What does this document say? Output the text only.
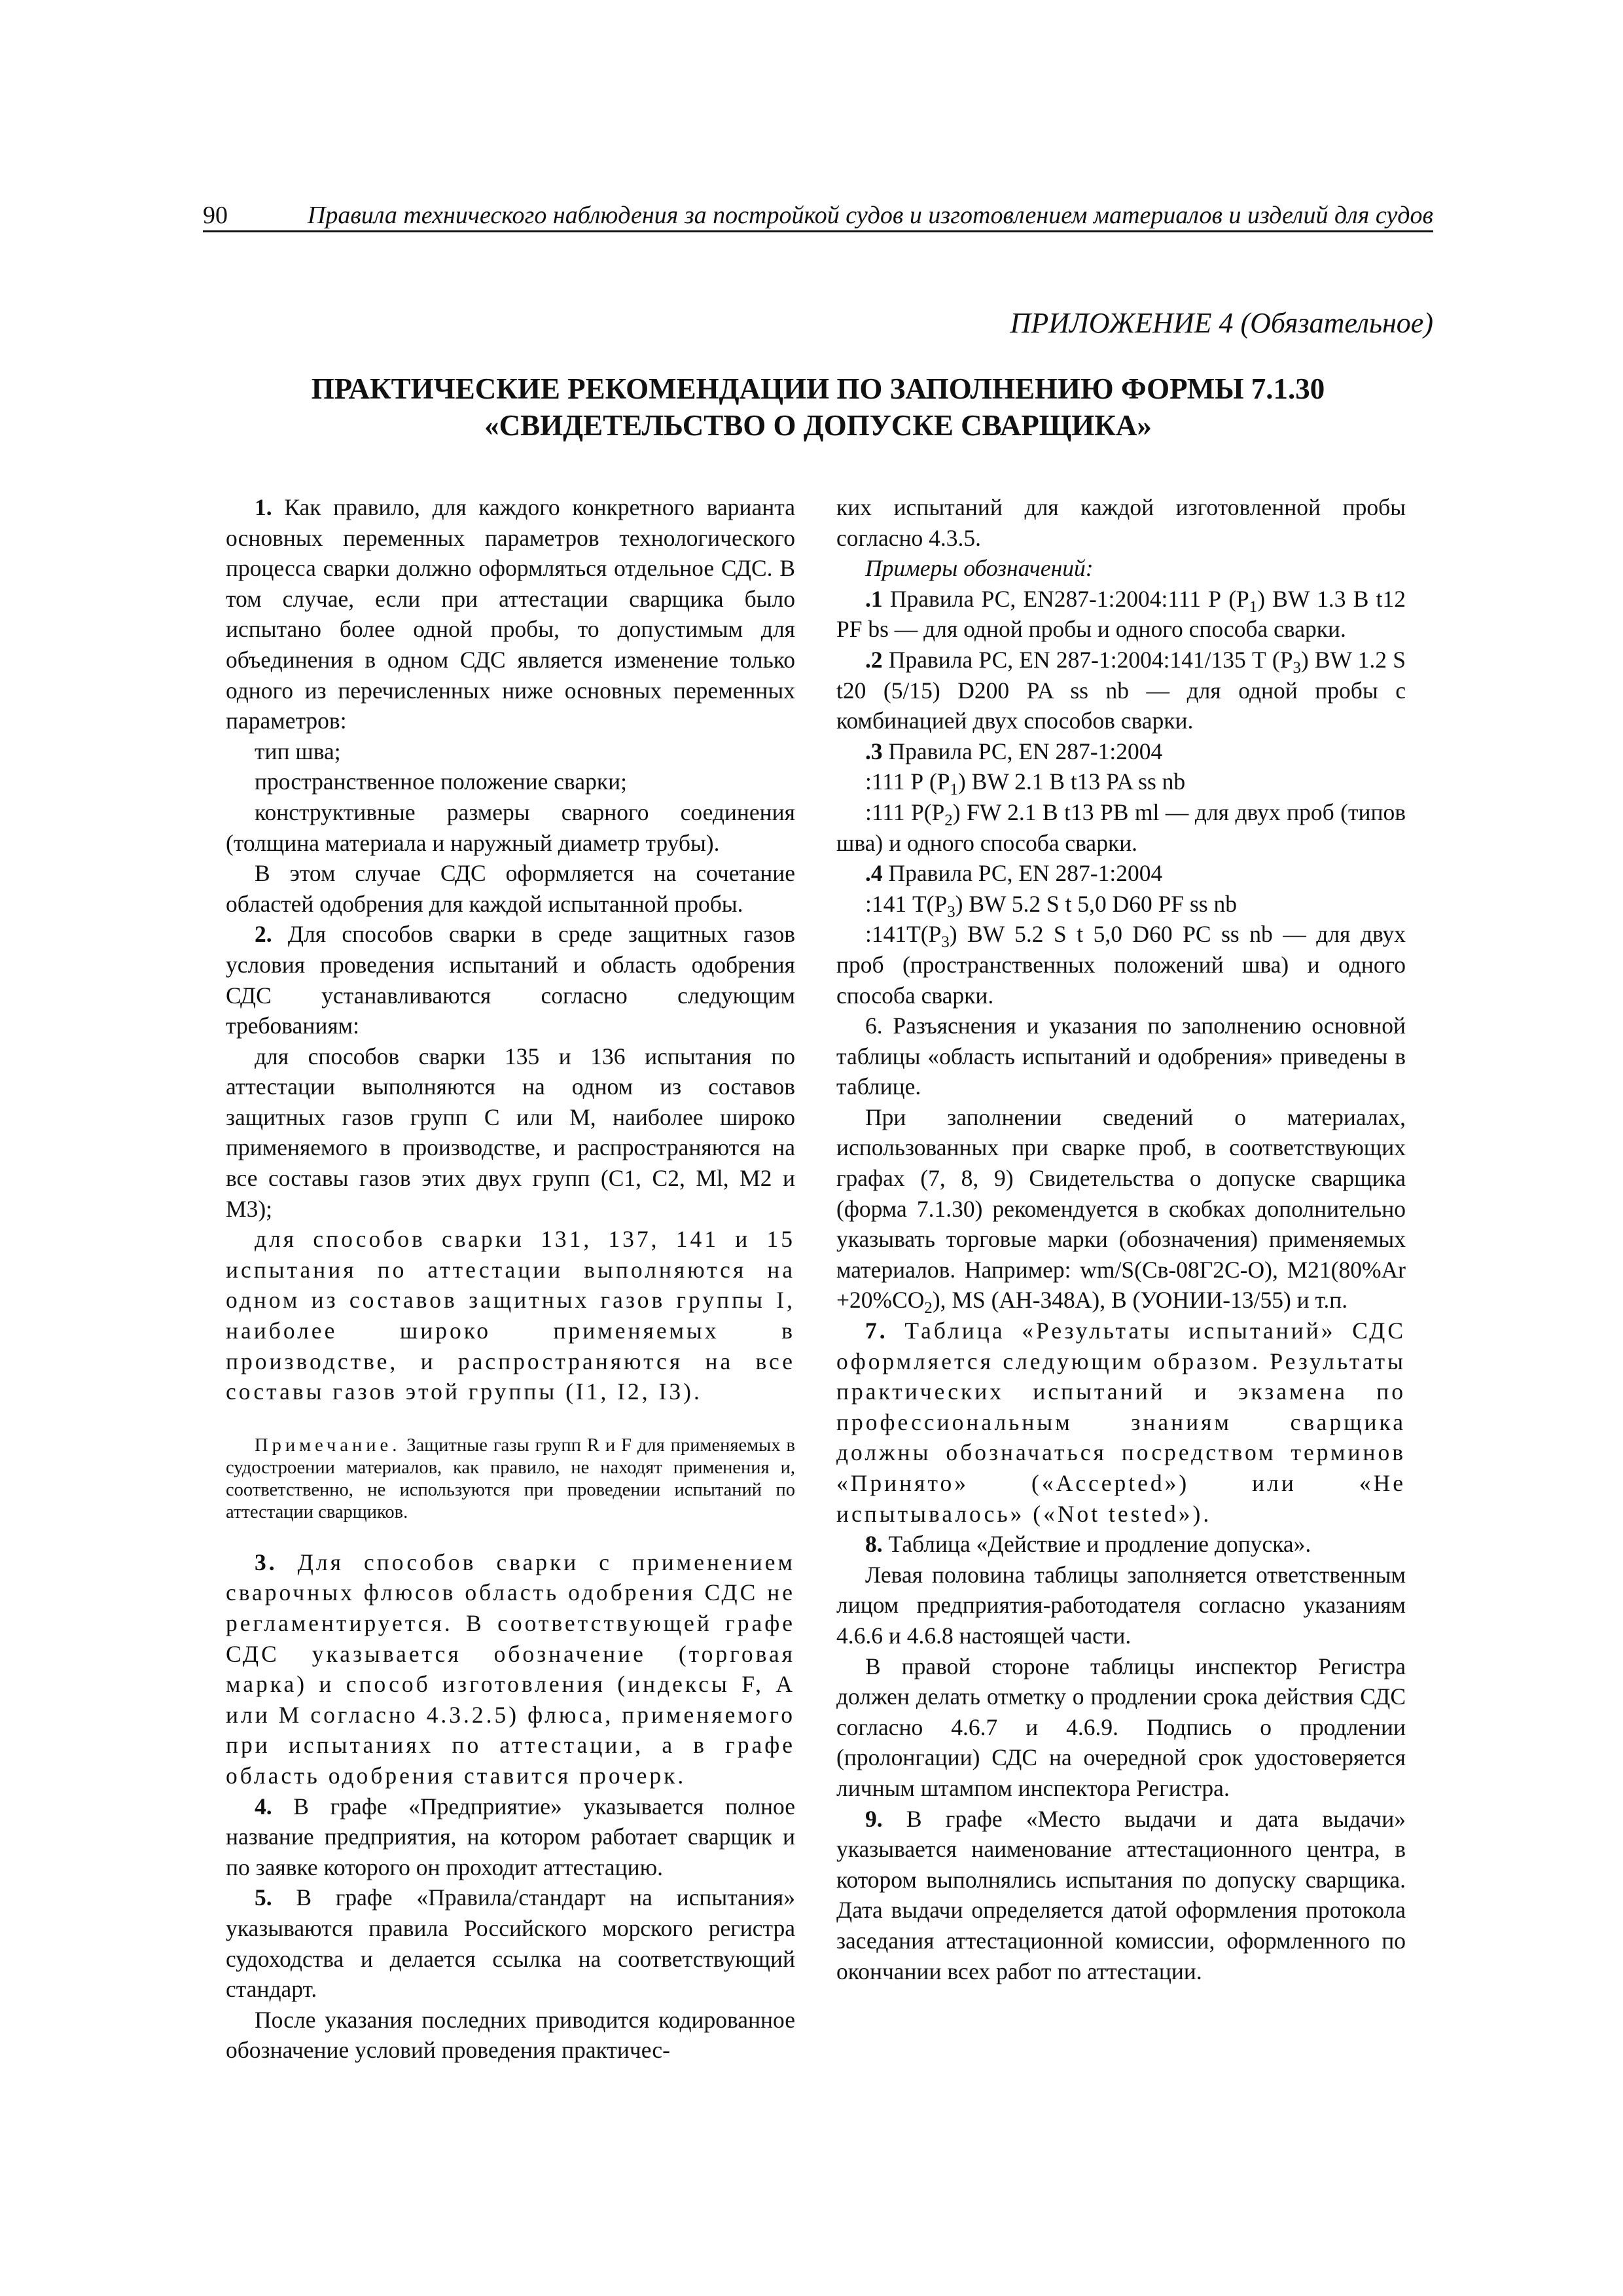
90	Правила технического наблюдения за постройкой судов и изготовлением материалов и изделий для судов
ПРИЛОЖЕНИЕ 4 (Обязательное)
ПРАКТИЧЕСКИЕ РЕКОМЕНДАЦИИ ПО ЗАПОЛНЕНИЮ ФОРМЫ 7.1.30
«СВИДЕТЕЛЬСТВО О ДОПУСКЕ СВАРЩИКА»

1. Как правило, для каждого конкретного варианта основных переменных параметров технологического процесса сварки должно оформляться отдельное СДС. В том случае, если при аттестации сварщика было испытано более одной пробы, то допустимым для объединения в одном СДС является изменение только одного из перечисленных ниже основных переменных параметров:

тип шва;

пространственное положение сварки;

конструктивные размеры сварного соединения (толщина материала и наружный диаметр трубы).

В этом случае СДС оформляется на сочетание областей одобрения для каждой испытанной пробы.

2. Для способов сварки в среде защитных газов условия проведения испытаний и область одобрения СДС устанавливаются согласно следующим требованиям:

для способов сварки 135 и 136 испытания по аттестации выполняются на одном из составов защитных газов групп С или М, наиболее широко применяемого в производстве, и распространяются на все составы газов этих двух групп (С1, С2, Ml, М2 и М3);

для способов сварки 131, 137, 141 и 15 испытания по аттестации выполняются на одном из составов защитных газов группы I, наиболее широко применяемых в производстве, и распространяются на все составы газов этой группы (I1, I2, I3).

Примечание. Защитные газы групп R и F для применяемых в судостроении материалов, как правило, не находят применения и, соответственно, не используются при проведении испытаний по аттестации сварщиков.

3. Для способов сварки с применением сварочных флюсов область одобрения СДС не регламентируется. В соответствующей графе СДС указывается обозначение (торговая марка) и способ изготовления (индексы F, А или М согласно 4.3.2.5) флюса, применяемого при испытаниях по аттестации, а в графе область одобрения ставится прочерк.

4. В графе «Предприятие» указывается полное название предприятия, на котором работает сварщик и по заявке которого он проходит аттестацию.

5. В графе «Правила/стандарт на испытания» указываются правила Российского морского регистра судоходства и делается ссылка на соответствующий стандарт.

После указания последних приводится кодированное обозначение условий проведения практичес-

ких испытаний для каждой изготовленной пробы согласно 4.3.5.

Примеры обозначений:

.1 Правила РС, EN287-1:2004:111 Р $(P_1)$ BW 1.3 В t12 PF bs — для одной пробы и одного способа сварки.

.2 Правила РС, EN 287-1:2004:141/135 Т $(Р_3)$ BW 1.2 S t20 (5/15) D200 PA ss nb — для одной пробы с комбинацией двух способов сварки.

.3 Правила РС, EN 287-1:2004

:111 Р $(P_1)$ BW 2.1 В t13 PA ss nb

:111 $Р(Р_2)$ FW 2.1 В t13 РВ ml — для двух проб (типов шва) и одного способа сварки.

.4 Правила РС, EN 287-1:2004

:141 $Т(Р_3)$ BW 5.2 S t 5,0 D60 PF ss nb

$:141Т(Р_3)$ BW 5.2 S t 5,0 D60 PC ss nb — для двух проб (пространственных положений шва) и одного способа сварки.

6. Разъяснения и указания по заполнению основной таблицы «область испытаний и одобрения» приведены в таблице.

При заполнении сведений о материалах, использованных при сварке проб, в соответствующих графах (7, 8, 9) Свидетельства о допуске сварщика (форма 7.1.30) рекомендуется в скобках дополнительно указывать торговые марки (обозначения) применяемых материалов. Например: wm/S(Св-08Г2С-О), $M21(80\%Ar +20\%CO_2)$, MS (АН-348А), В (УОНИИ-13/55) и т.п.

7. Таблица «Результаты испытаний» СДС оформляется следующим образом. Результаты практических испытаний и экзамена по профессиональным знаниям сварщика должны обозначаться посредством терминов «Принято» («Accepted») или «Не испытывалось» («Not tested»).

8. Таблица «Действие и продление допуска».

Левая половина таблицы заполняется ответственным лицом предприятия-работодателя согласно указаниям 4.6.6 и 4.6.8 настоящей части.

В правой стороне таблицы инспектор Регистра должен делать отметку о продлении срока действия СДС согласно 4.6.7 и 4.6.9. Подпись о продлении (пролонгации) СДС на очередной срок удостоверяется личным штампом инспектора Регистра.

9. В графе «Место выдачи и дата выдачи» указывается наименование аттестационного центра, в котором выполнялись испытания по допуску сварщика. Дата выдачи определяется датой оформления протокола заседания аттестационной комиссии, оформленного по окончании всех работ по аттестации.
